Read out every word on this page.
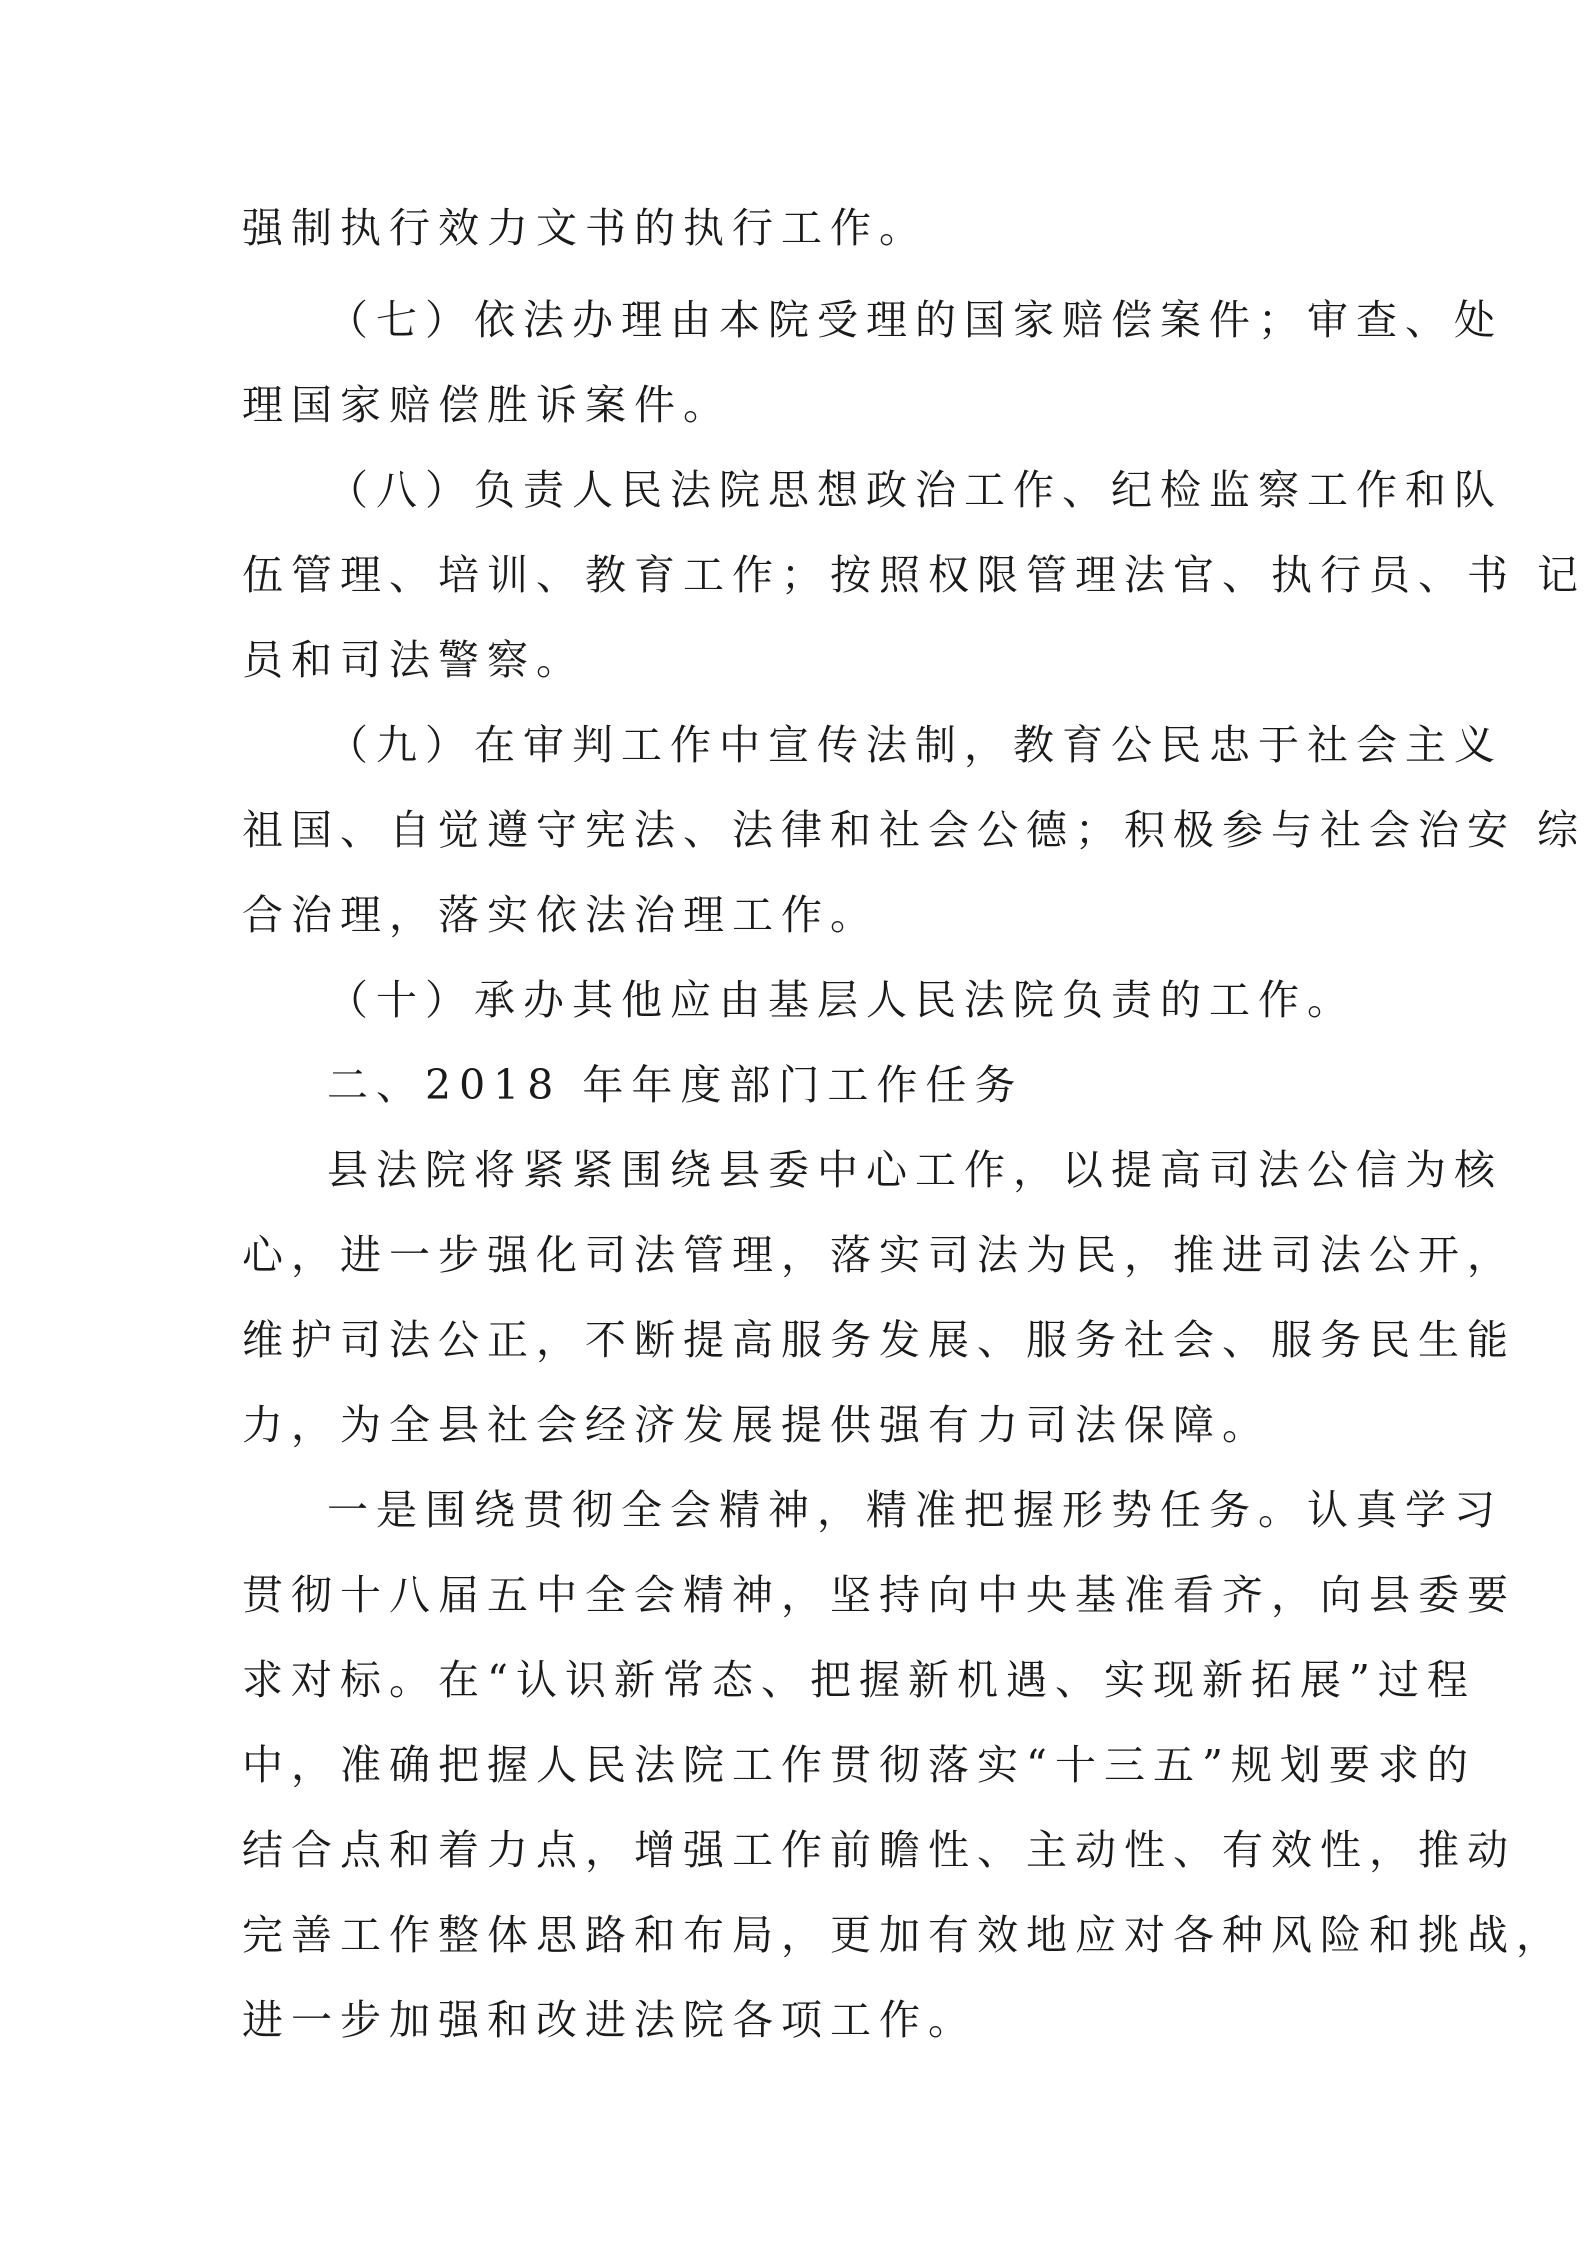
强制执行效力文书的执行工作。
（七）依法办理由本院受理的国家赔偿案件；审查、处
理国家赔偿胜诉案件。
（八）负责人民法院思想政治工作、纪检监察工作和队
伍管理、培训、教育工作；按照权限管理法官、执行员、书 记
员和司法警察。
（九）在审判工作中宣传法制，教育公民忠于社会主义
祖国、自觉遵守宪法、法律和社会公德；积极参与社会治安 综
合治理，落实依法治理工作。
（十）承办其他应由基层人民法院负责的工作。
二、2018 年年度部门工作任务
县法院将紧紧围绕县委中心工作，以提高司法公信为核
心，进一步强化司法管理，落实司法为民，推进司法公开，
维护司法公正，不断提高服务发展、服务社会、服务民生能
力，为全县社会经济发展提供强有力司法保障。
一是围绕贯彻全会精神，精准把握形势任务。认真学习
贯彻十八届五中全会精神，坚持向中央基准看齐，向县委要
求对标。在“认识新常态、把握新机遇、实现新拓展”过程
中，准确把握人民法院工作贯彻落实“十三五”规划要求的
结合点和着力点，增强工作前瞻性、主动性、有效性，推动
完善工作整体思路和布局，更加有效地应对各种风险和挑战，
进一步加强和改进法院各项工作。
